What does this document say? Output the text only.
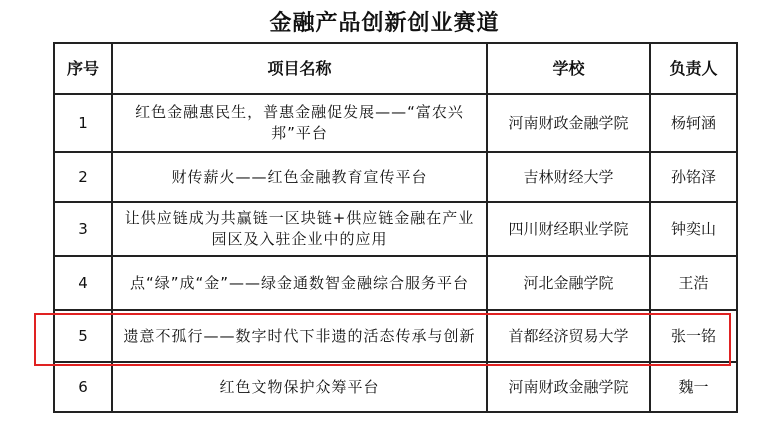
金融产品创新创业赛道
序号	项目名称	学校	负责人
1	红色金融惠民生，普惠金融促发展——“富农兴邦”平台	河南财政金融学院	杨轲涵
2	财传薪火——红色金融教育宣传平台	吉林财经大学	孙铭泽
3	让供应链成为共赢链一区块链+供应链金融在产业园区及入驻企业中的应用	四川财经职业学院	钟奕山
4	点“绿”成“金”——绿金通数智金融综合服务平台	河北金融学院	王浩
5	遗意不孤行——数字时代下非遗的活态传承与创新	首都经济贸易大学	张一铭
6	红色文物保护众筹平台	河南财政金融学院	魏一
